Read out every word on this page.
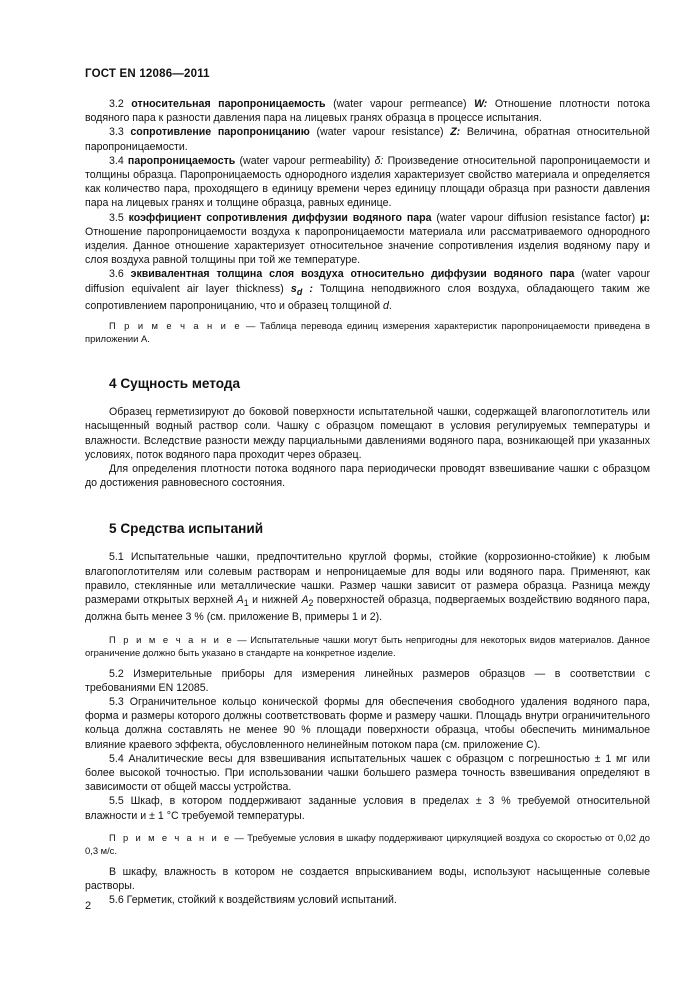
ГОСТ EN 12086—2011

3.2 относительная паропроницаемость (water vapour permeance) W: Отношение плотности потока водяного пара к разности давления пара на лицевых гранях образца в процессе испытания.

3.3 сопротивление паропроницанию (water vapour resistance) Z: Величина, обратная относительной паропроницаемости.

3.4 паропроницаемость (water vapour permeability) δ: Произведение относительной паропроницаемости и толщины образца. Паропроницаемость однородного изделия характеризует свойство материала и определяется как количество пара, проходящего в единицу времени через единицу площади образца при разности давления пара на лицевых гранях и толщине образца, равных единице.

3.5 коэффициент сопротивления диффузии водяного пара (water vapour diffusion resistance factor) μ: Отношение паропроницаемости воздуха к паропроницаемости материала или рассматриваемого однородного изделия. Данное отношение характеризует относительное значение сопротивления изделия водяному пару и слоя воздуха равной толщины при той же температуре.

3.6 эквивалентная толщина слоя воздуха относительно диффузии водяного пара (water vapour diffusion equivalent air layer thickness) $s_d$ : Толщина неподвижного слоя воздуха, обладающего таким же сопротивлением паропроницанию, что и образец толщиной d.

П р и м е ч а н и е — Таблица перевода единиц измерения характеристик паропроницаемости приведена в приложении А.

4 Сущность метода

Образец герметизируют до боковой поверхности испытательной чашки, содержащей влагопоглотитель или насыщенный водный раствор соли. Чашку с образцом помещают в условия регулируемых температуры и влажности. Вследствие разности между парциальными давлениями водяного пара, возникающей при указанных условиях, поток водяного пара проходит через образец.

Для определения плотности потока водяного пара периодически проводят взвешивание чашки с образцом до достижения равновесного состояния.

5 Средства испытаний

5.1 Испытательные чашки, предпочтительно круглой формы, стойкие (коррозионно-стойкие) к любым влагопоглотителям или солевым растворам и непроницаемые для воды или водяного пара. Применяют, как правило, стеклянные или металлические чашки. Размер чашки зависит от размера образца. Разница между размерами открытых верхней $A_1$ и нижней $A_2$ поверхностей образца, подвергаемых воздействию водяного пара, должна быть менее 3 % (см. приложение В, примеры 1 и 2).

П р и м е ч а н и е — Испытательные чашки могут быть непригодны для некоторых видов материалов. Данное ограничение должно быть указано в стандарте на конкретное изделие.

5.2 Измерительные приборы для измерения линейных размеров образцов — в соответствии с требованиями EN 12085.

5.3 Ограничительное кольцо конической формы для обеспечения свободного удаления водяного пара, форма и размеры которого должны соответствовать форме и размеру чашки. Площадь внутри ограничительного кольца должна составлять не менее 90 % площади поверхности образца, чтобы обеспечить минимальное влияние краевого эффекта, обусловленного нелинейным потоком пара (см. приложение С).

5.4 Аналитические весы для взвешивания испытательных чашек с образцом с погрешностью ± 1 мг или более высокой точностью. При использовании чашки большего размера точность взвешивания определяют в зависимости от общей массы устройства.

5.5 Шкаф, в котором поддерживают заданные условия в пределах ± 3 % требуемой относительной влажности и ± 1 °С требуемой температуры.

П р и м е ч а н и е — Требуемые условия в шкафу поддерживают циркуляцией воздуха со скоростью от 0,02 до 0,3 м/с.

В шкафу, влажность в котором не создается впрыскиванием воды, используют насыщенные солевые растворы.

5.6 Герметик, стойкий к воздействиям условий испытаний.

2
